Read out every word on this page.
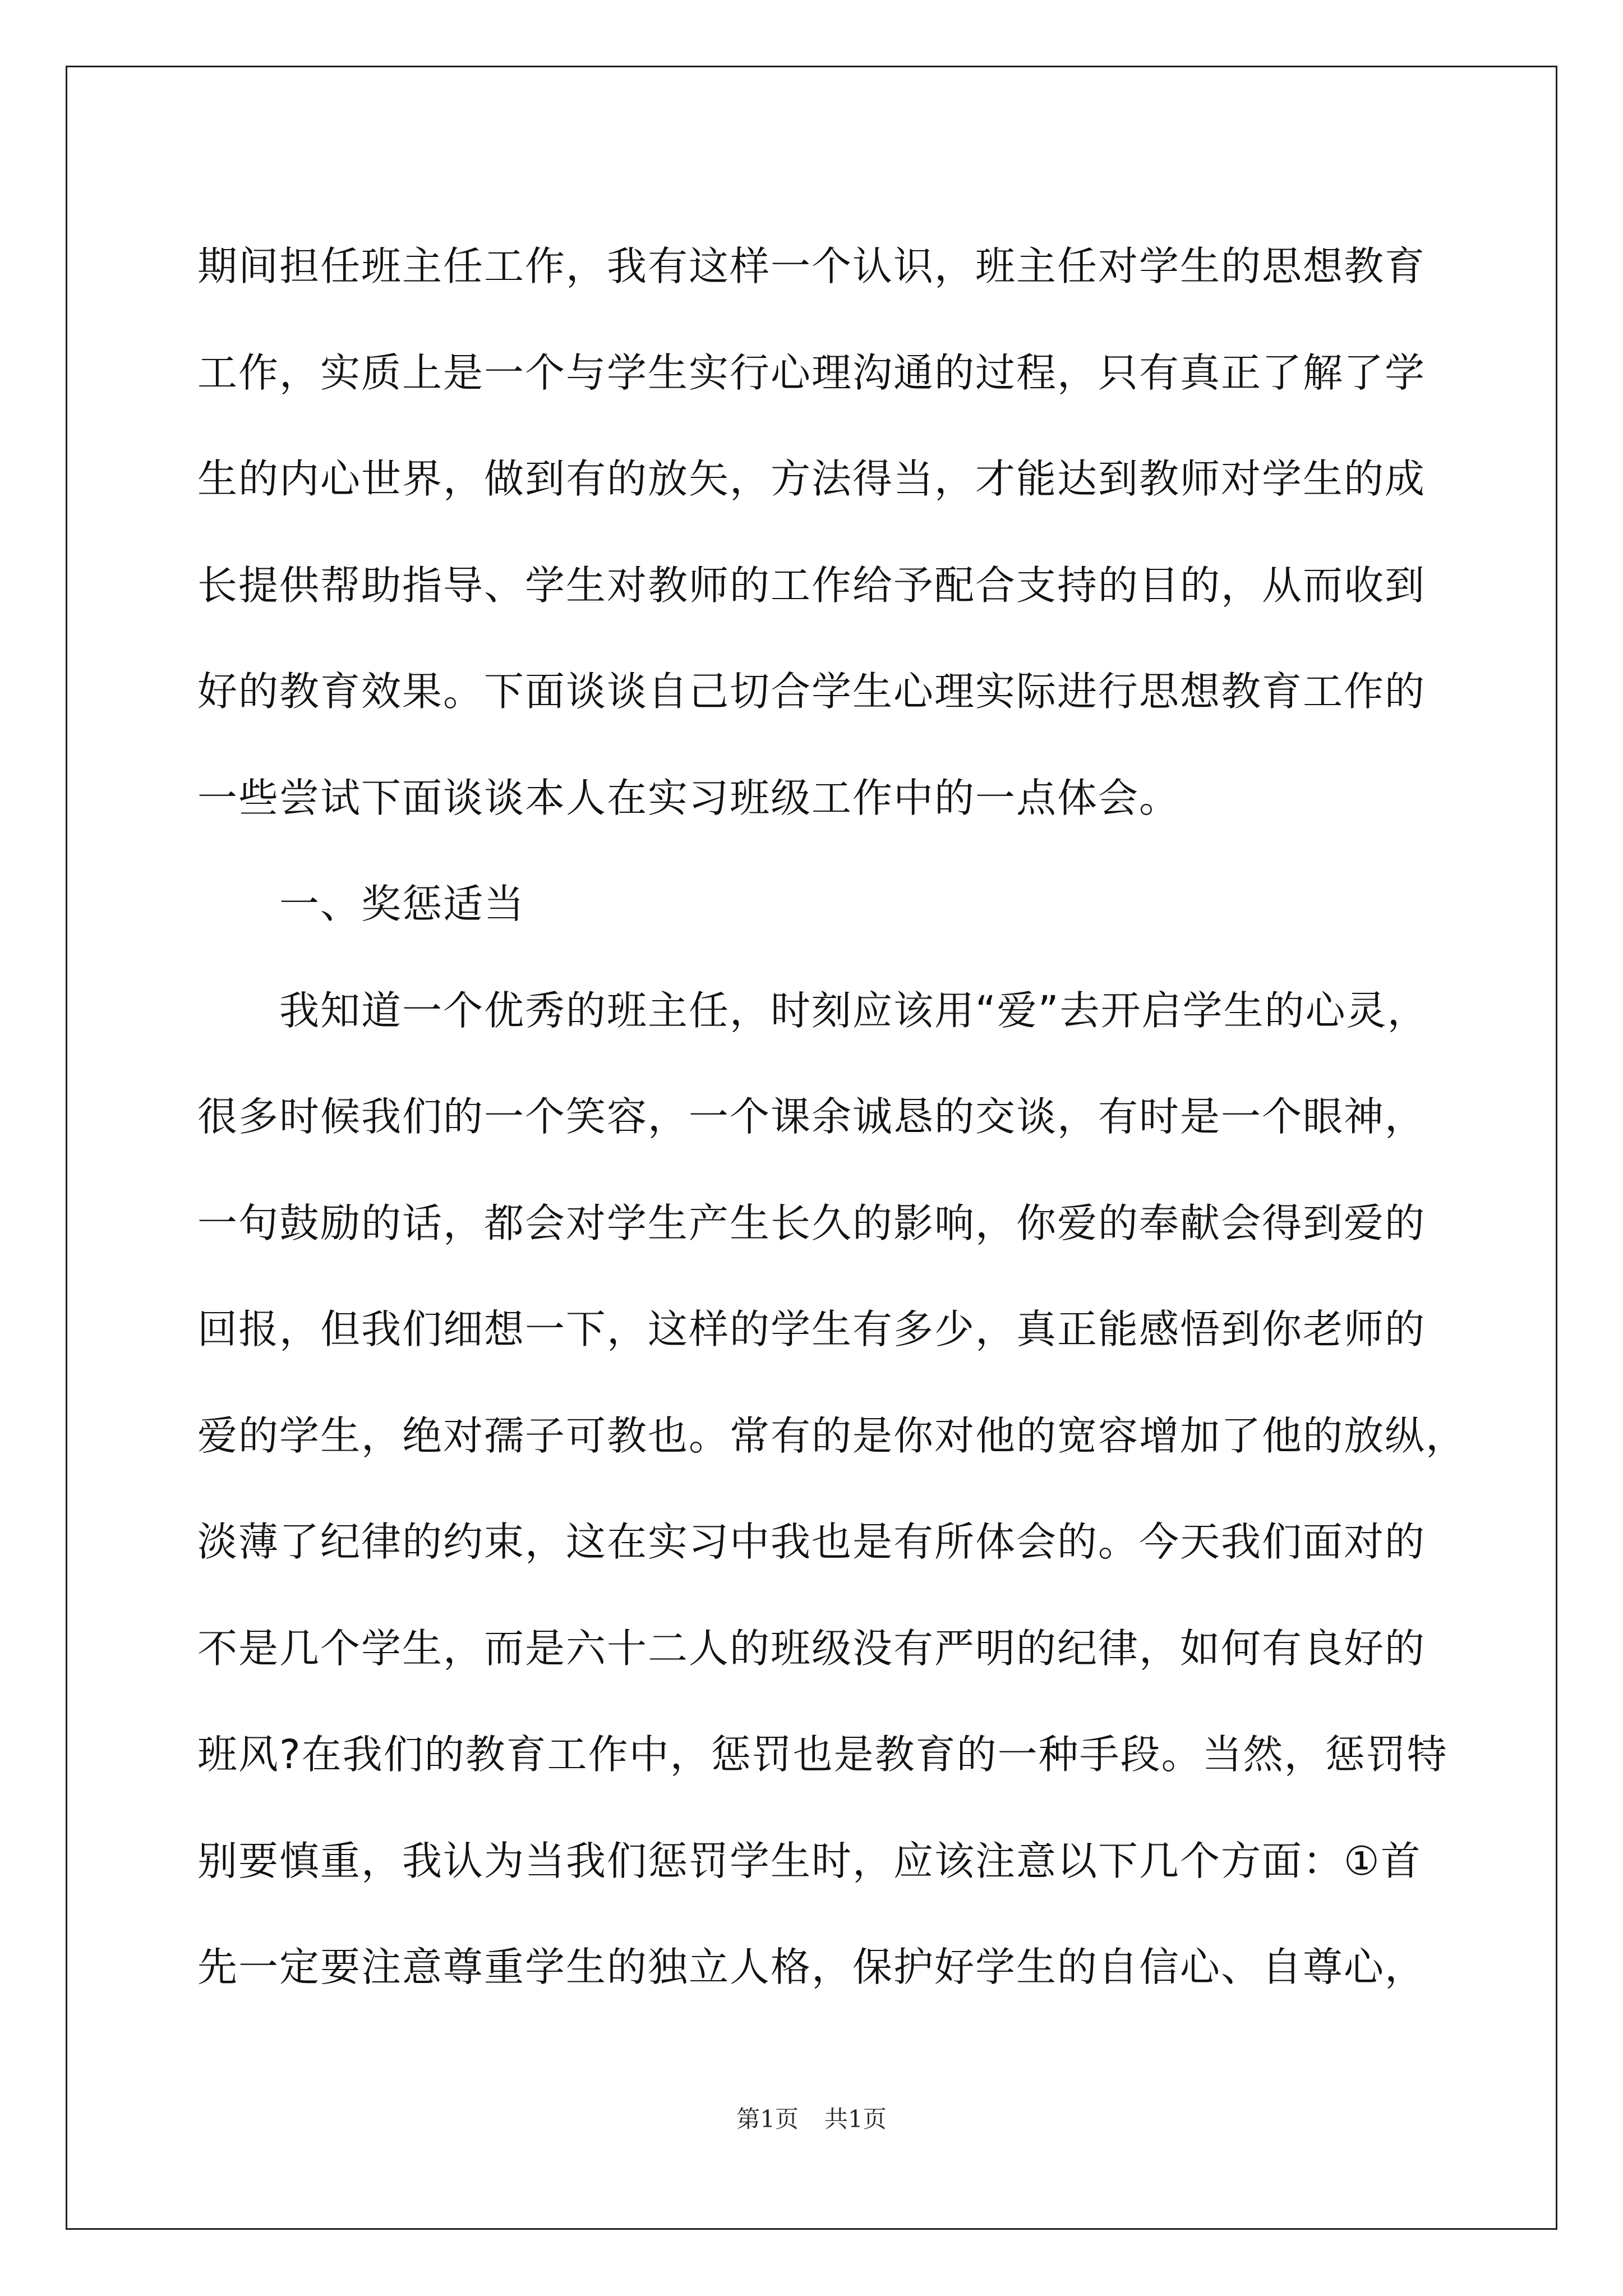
期间担任班主任工作，我有这样一个认识，班主任对学生的思想教育
工作，实质上是一个与学生实行心理沟通的过程，只有真正了解了学
生的内心世界，做到有的放矢，方法得当，才能达到教师对学生的成
长提供帮助指导、学生对教师的工作给予配合支持的目的，从而收到
好的教育效果。下面谈谈自己切合学生心理实际进行思想教育工作的
一些尝试下面谈谈本人在实习班级工作中的一点体会。
一、奖惩适当
我知道一个优秀的班主任，时刻应该用“爱”去开启学生的心灵，
很多时候我们的一个笑容，一个课余诚恳的交谈，有时是一个眼神，
一句鼓励的话，都会对学生产生长久的影响，你爱的奉献会得到爱的
回报，但我们细想一下，这样的学生有多少，真正能感悟到你老师的
爱的学生，绝对孺子可教也。常有的是你对他的宽容增加了他的放纵，
淡薄了纪律的约束，这在实习中我也是有所体会的。今天我们面对的
不是几个学生，而是六十二人的班级没有严明的纪律，如何有良好的
班风?在我们的教育工作中，惩罚也是教育的一种手段。当然，惩罚特
别要慎重，我认为当我们惩罚学生时，应该注意以下几个方面：①首
先一定要注意尊重学生的独立人格，保护好学生的自信心、自尊心，
第1页 共1页
